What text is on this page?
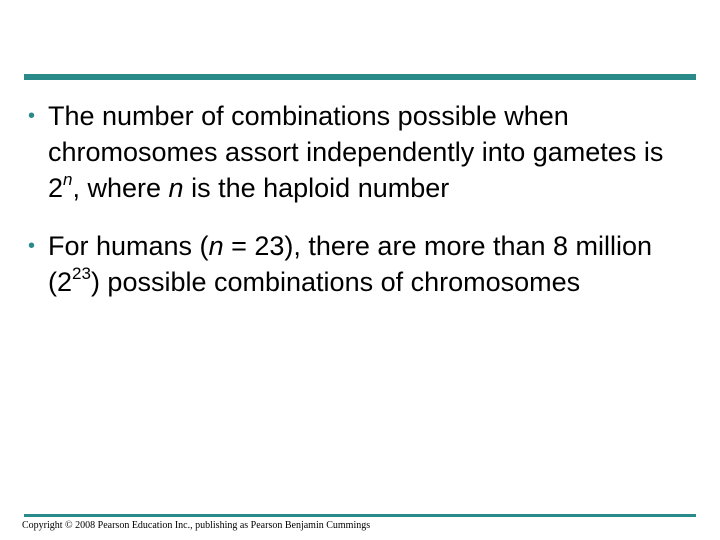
• The number of combinations possible when chromosomes assort independently into gametes is 2$^n$, where n is the haploid number
• For humans (n = 23), there are more than 8 million $(2^{23})$ possible combinations of chromosomes
Copyright © 2008 Pearson Education Inc., publishing as Pearson Benjamin Cummings
